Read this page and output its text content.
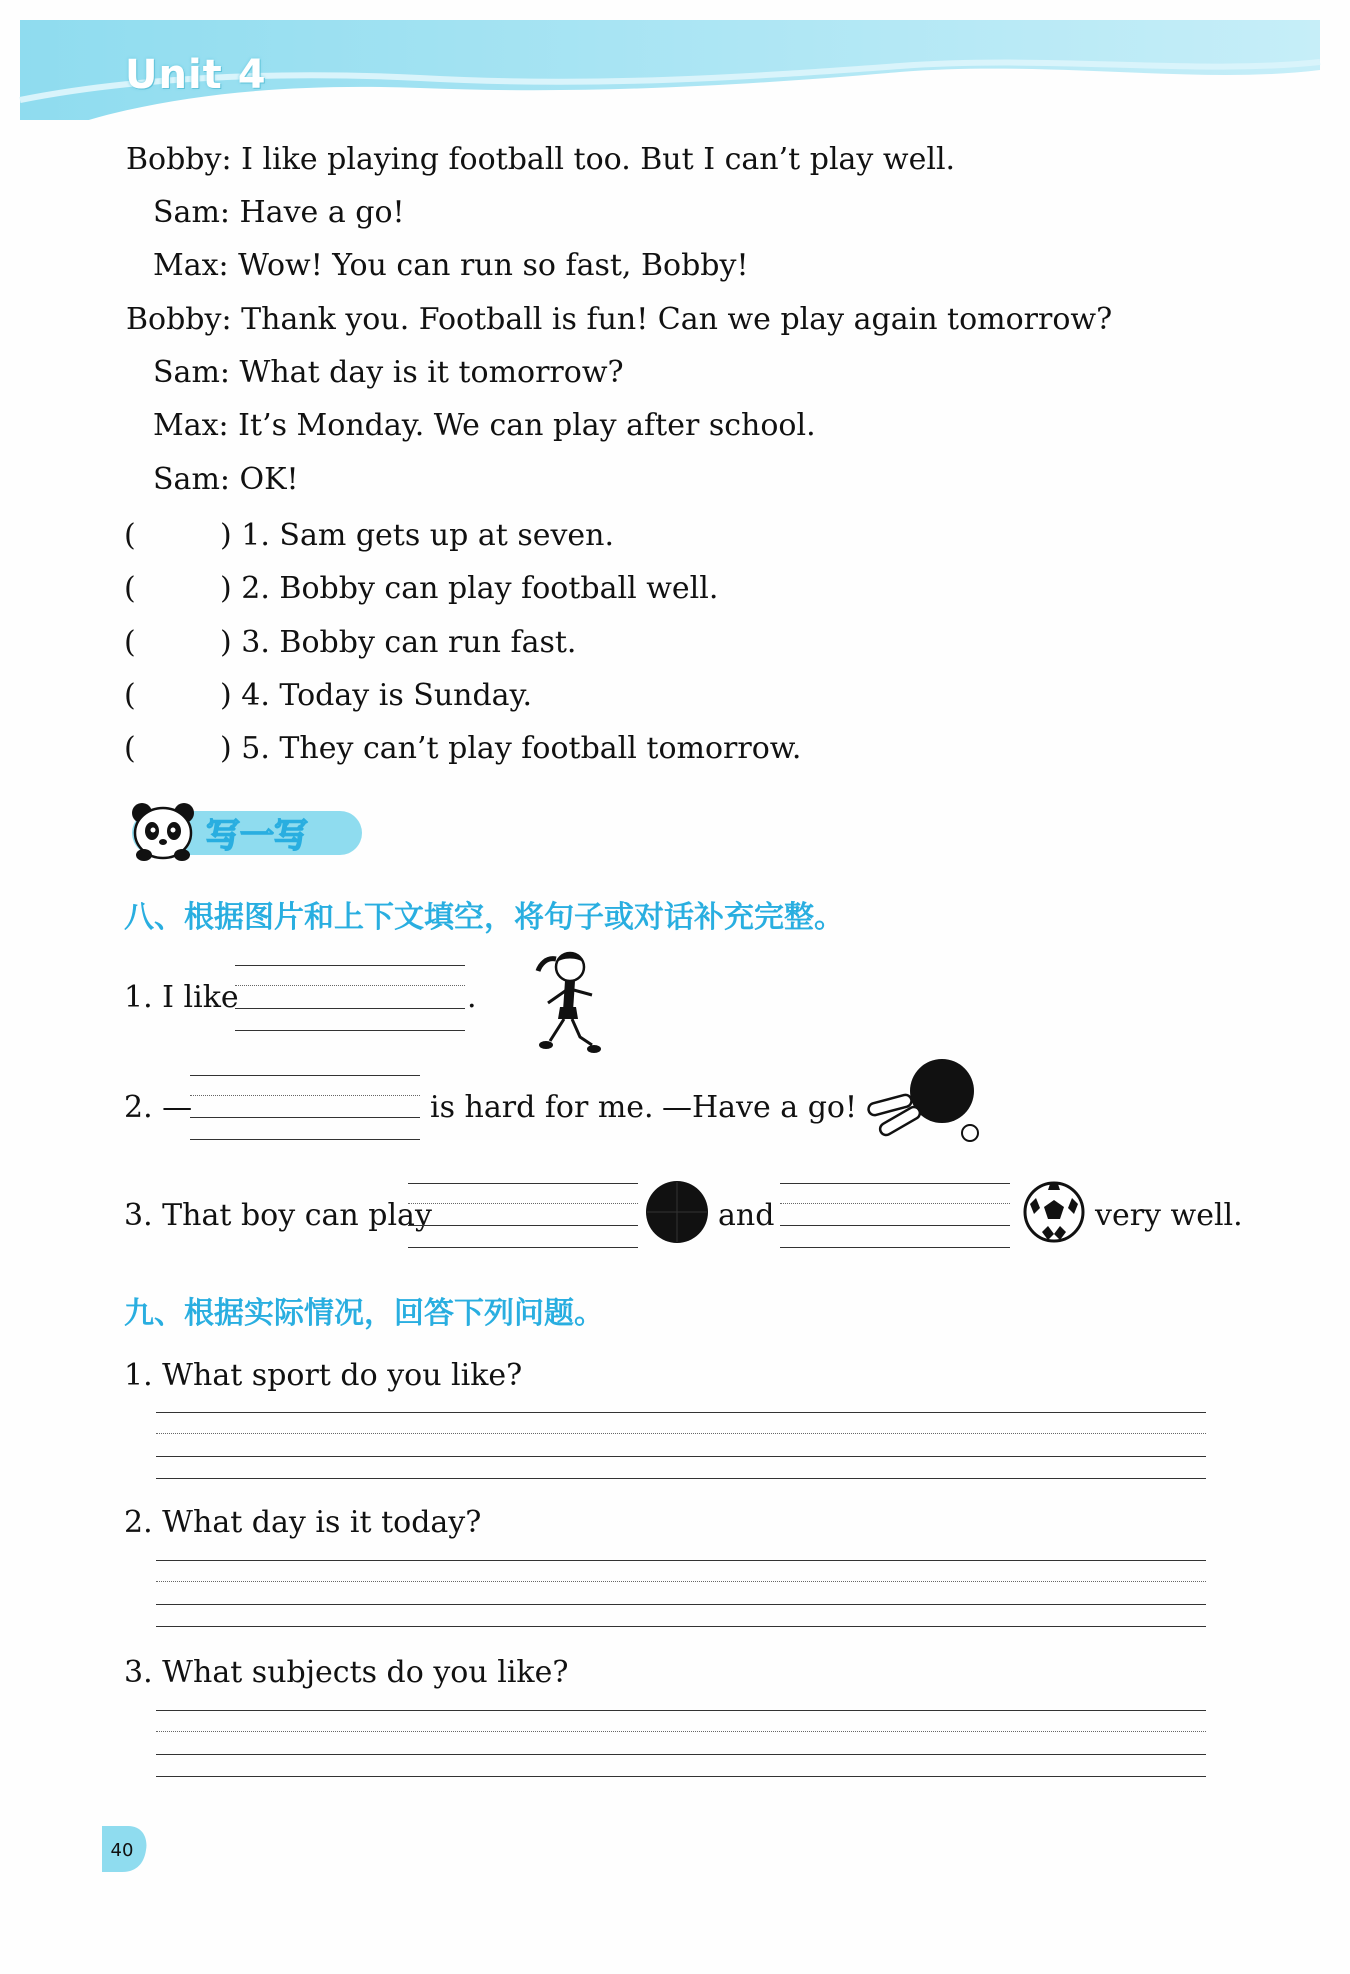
Unit 4
Bobby: I like playing football too. But I can’t play well.
Sam: Have a go!
Max: Wow! You can run so fast, Bobby!
Bobby: Thank you. Football is fun! Can we play again tomorrow?
Sam: What day is it tomorrow?
Max: It’s Monday. We can play after school.
Sam: OK!
(	) 1. Sam gets up at seven.
(	) 2. Bobby can play football well.
(	) 3. Bobby can run fast.
(	) 4. Today is Sunday.
(	) 5. They can’t play football tomorrow.
写一写
八、根据图片和上下文填空，将句子或对话补充完整。
1. I like	.
2. —	is hard for me. —Have a go!
3. That boy can play	and	very well.
九、根据实际情况，回答下列问题。
1. What sport do you like?
2. What day is it today?
3. What subjects do you like?
40
